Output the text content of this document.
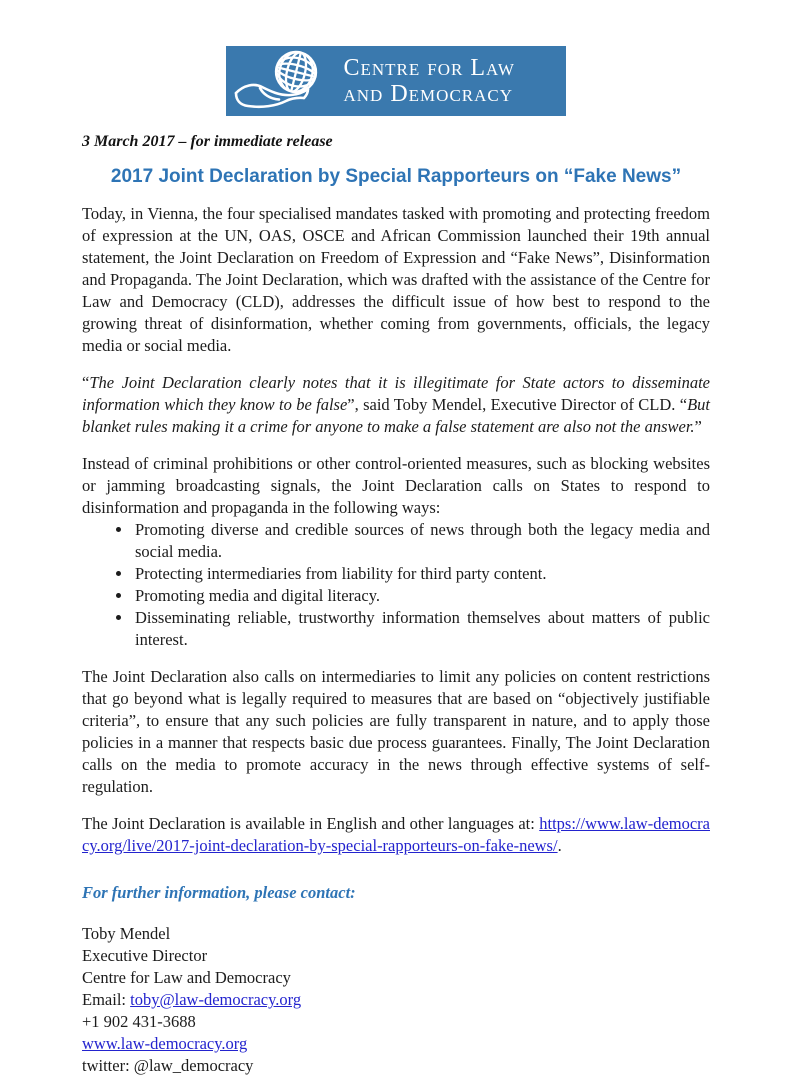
Centre for Law
and Democracy
3 March 2017 – for immediate release
2017 Joint Declaration by Special Rapporteurs on “Fake News”

Today, in Vienna, the four specialised mandates tasked with promoting and protecting freedom of expression at the UN, OAS, OSCE and African Commission launched their 19th annual statement, the Joint Declaration on Freedom of Expression and “Fake News”, Disinformation and Propaganda. The Joint Declaration, which was drafted with the assistance of the Centre for Law and Democracy (CLD), addresses the difficult issue of how best to respond to the growing threat of disinformation, whether coming from governments, officials, the legacy media or social media.

“The Joint Declaration clearly notes that it is illegitimate for State actors to disseminate information which they know to be false”, said Toby Mendel, Executive Director of CLD. “But blanket rules making it a crime for anyone to make a false statement are also not the answer.”

Instead of criminal prohibitions or other control-oriented measures, such as blocking websites or jamming broadcasting signals, the Joint Declaration calls on States to respond to disinformation and propaganda in the following ways:

• Promoting diverse and credible sources of news through both the legacy media and social media.
• Protecting intermediaries from liability for third party content.
• Promoting media and digital literacy.
• Disseminating reliable, trustworthy information themselves about matters of public interest.

The Joint Declaration also calls on intermediaries to limit any policies on content restrictions that go beyond what is legally required to measures that are based on “objectively justifiable criteria”, to ensure that any such policies are fully transparent in nature, and to apply those policies in a manner that respects basic due process guarantees. Finally, The Joint Declaration calls on the media to promote accuracy in the news through effective systems of self-regulation.

The Joint Declaration is available in English and other languages at: https://www.law-democracy.org/live/2017-joint-declaration-by-special-rapporteurs-on-fake-news/.

For further information, please contact:

Toby Mendel

Executive Director

Centre for Law and Democracy

Email: toby@law-democracy.org

+1 902 431-3688

www.law-democracy.org

twitter: @law_democracy
